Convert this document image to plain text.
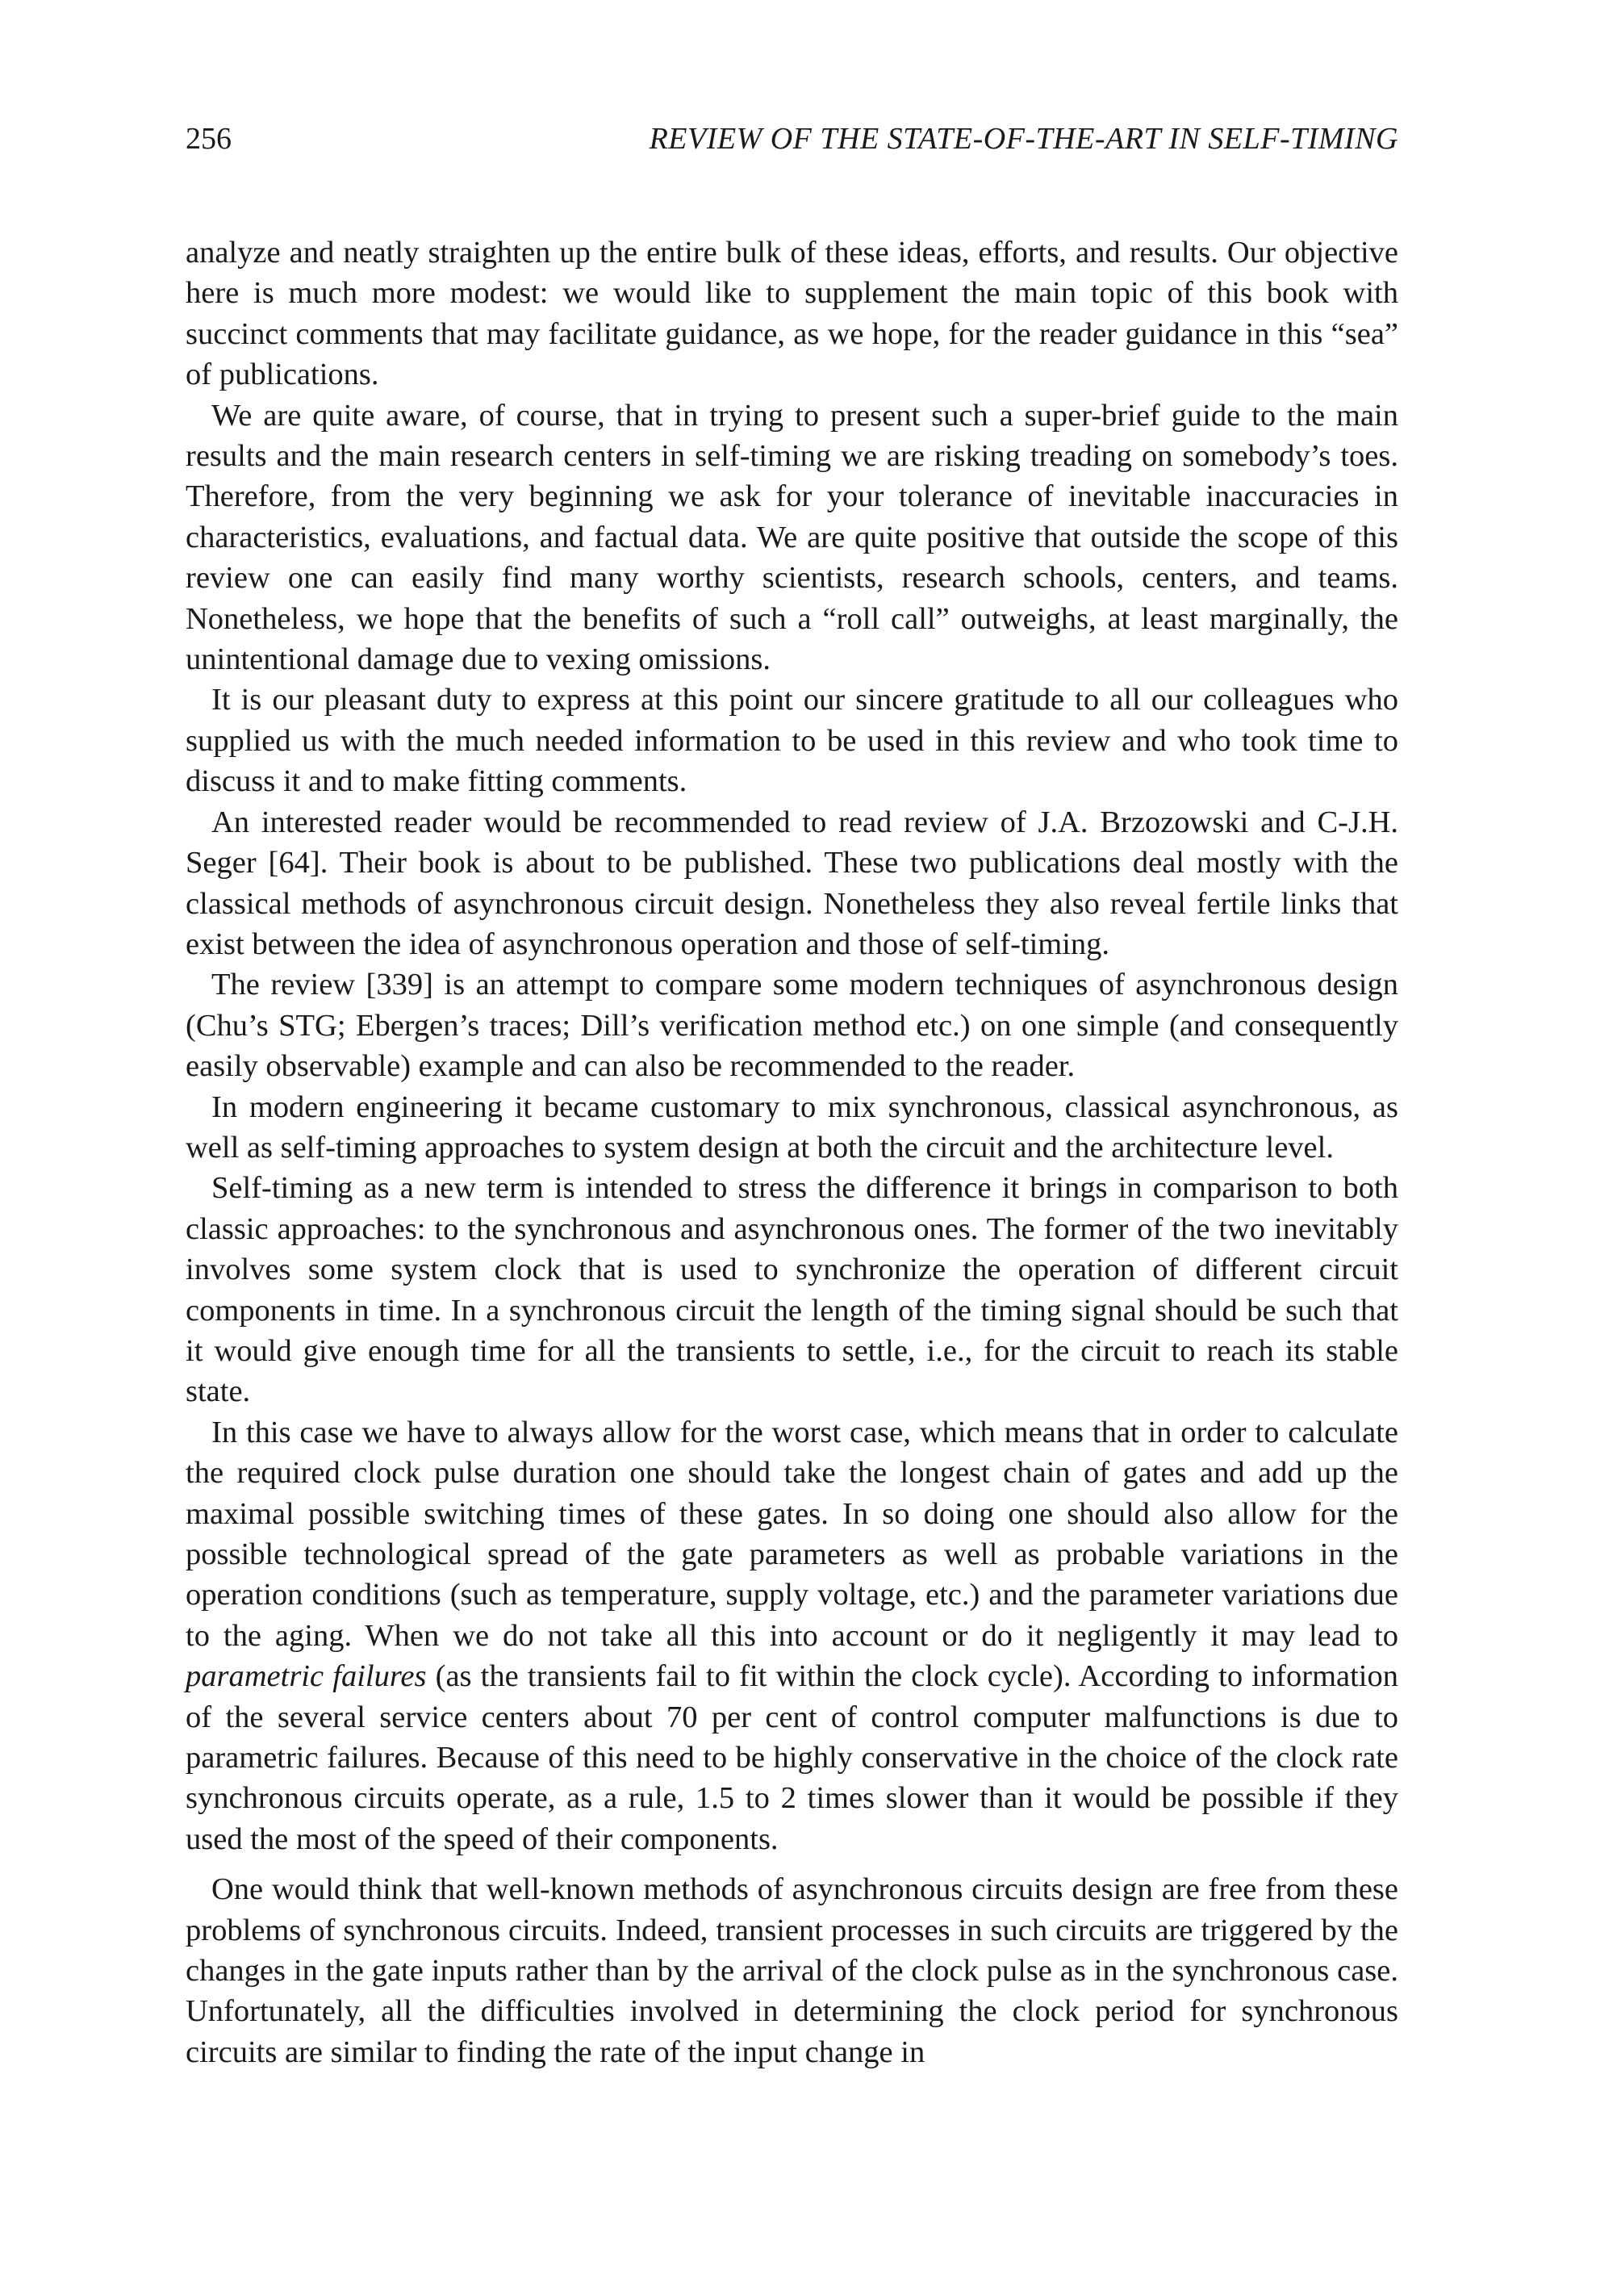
256	REVIEW OF THE STATE-OF-THE-ART IN SELF-TIMING

analyze and neatly straighten up the entire bulk of these ideas, efforts, and results. Our objective here is much more modest: we would like to supplement the main topic of this book with succinct comments that may facilitate guidance, as we hope, for the reader guidance in this “sea” of publications.

We are quite aware, of course, that in trying to present such a super-brief guide to the main results and the main research centers in self-timing we are risking treading on somebody’s toes. Therefore, from the very beginning we ask for your tolerance of inevitable inaccuracies in characteristics, evaluations, and factual data. We are quite positive that outside the scope of this review one can easily find many worthy scientists, research schools, centers, and teams. Nonetheless, we hope that the benefits of such a “roll call” outweighs, at least marginally, the unintentional damage due to vexing omissions.

It is our pleasant duty to express at this point our sincere gratitude to all our colleagues who supplied us with the much needed information to be used in this review and who took time to discuss it and to make fitting comments.

An interested reader would be recommended to read review of J.A. Brzozowski and C-J.H. Seger [64]. Their book is about to be published. These two publications deal mostly with the classical methods of asynchronous circuit design. Nonetheless they also reveal fertile links that exist between the idea of asynchronous operation and those of self-timing.

The review [339] is an attempt to compare some modern techniques of asynchronous design (Chu’s STG; Ebergen’s traces; Dill’s verification method etc.) on one simple (and consequently easily observable) example and can also be recommended to the reader.

In modern engineering it became customary to mix synchronous, classical asynchronous, as well as self-timing approaches to system design at both the circuit and the architecture level.

Self-timing as a new term is intended to stress the difference it brings in comparison to both classic approaches: to the synchronous and asynchronous ones. The former of the two inevitably involves some system clock that is used to synchronize the operation of different circuit components in time. In a synchronous circuit the length of the timing signal should be such that it would give enough time for all the transients to settle, i.e., for the circuit to reach its stable state.

In this case we have to always allow for the worst case, which means that in order to calculate the required clock pulse duration one should take the longest chain of gates and add up the maximal possible switching times of these gates. In so doing one should also allow for the possible technological spread of the gate parameters as well as probable variations in the operation conditions (such as temperature, supply voltage, etc.) and the parameter variations due to the aging. When we do not take all this into account or do it negligently it may lead to parametric failures (as the transients fail to fit within the clock cycle). According to information of the several service centers about 70 per cent of control computer malfunctions is due to parametric failures. Because of this need to be highly conservative in the choice of the clock rate synchronous circuits operate, as a rule, 1.5 to 2 times slower than it would be possible if they used the most of the speed of their components.

One would think that well-known methods of asynchronous circuits design are free from these problems of synchronous circuits. Indeed, transient processes in such circuits are triggered by the changes in the gate inputs rather than by the arrival of the clock pulse as in the synchronous case. Unfortunately, all the difficulties involved in determining the clock period for synchronous circuits are similar to finding the rate of the input change in
